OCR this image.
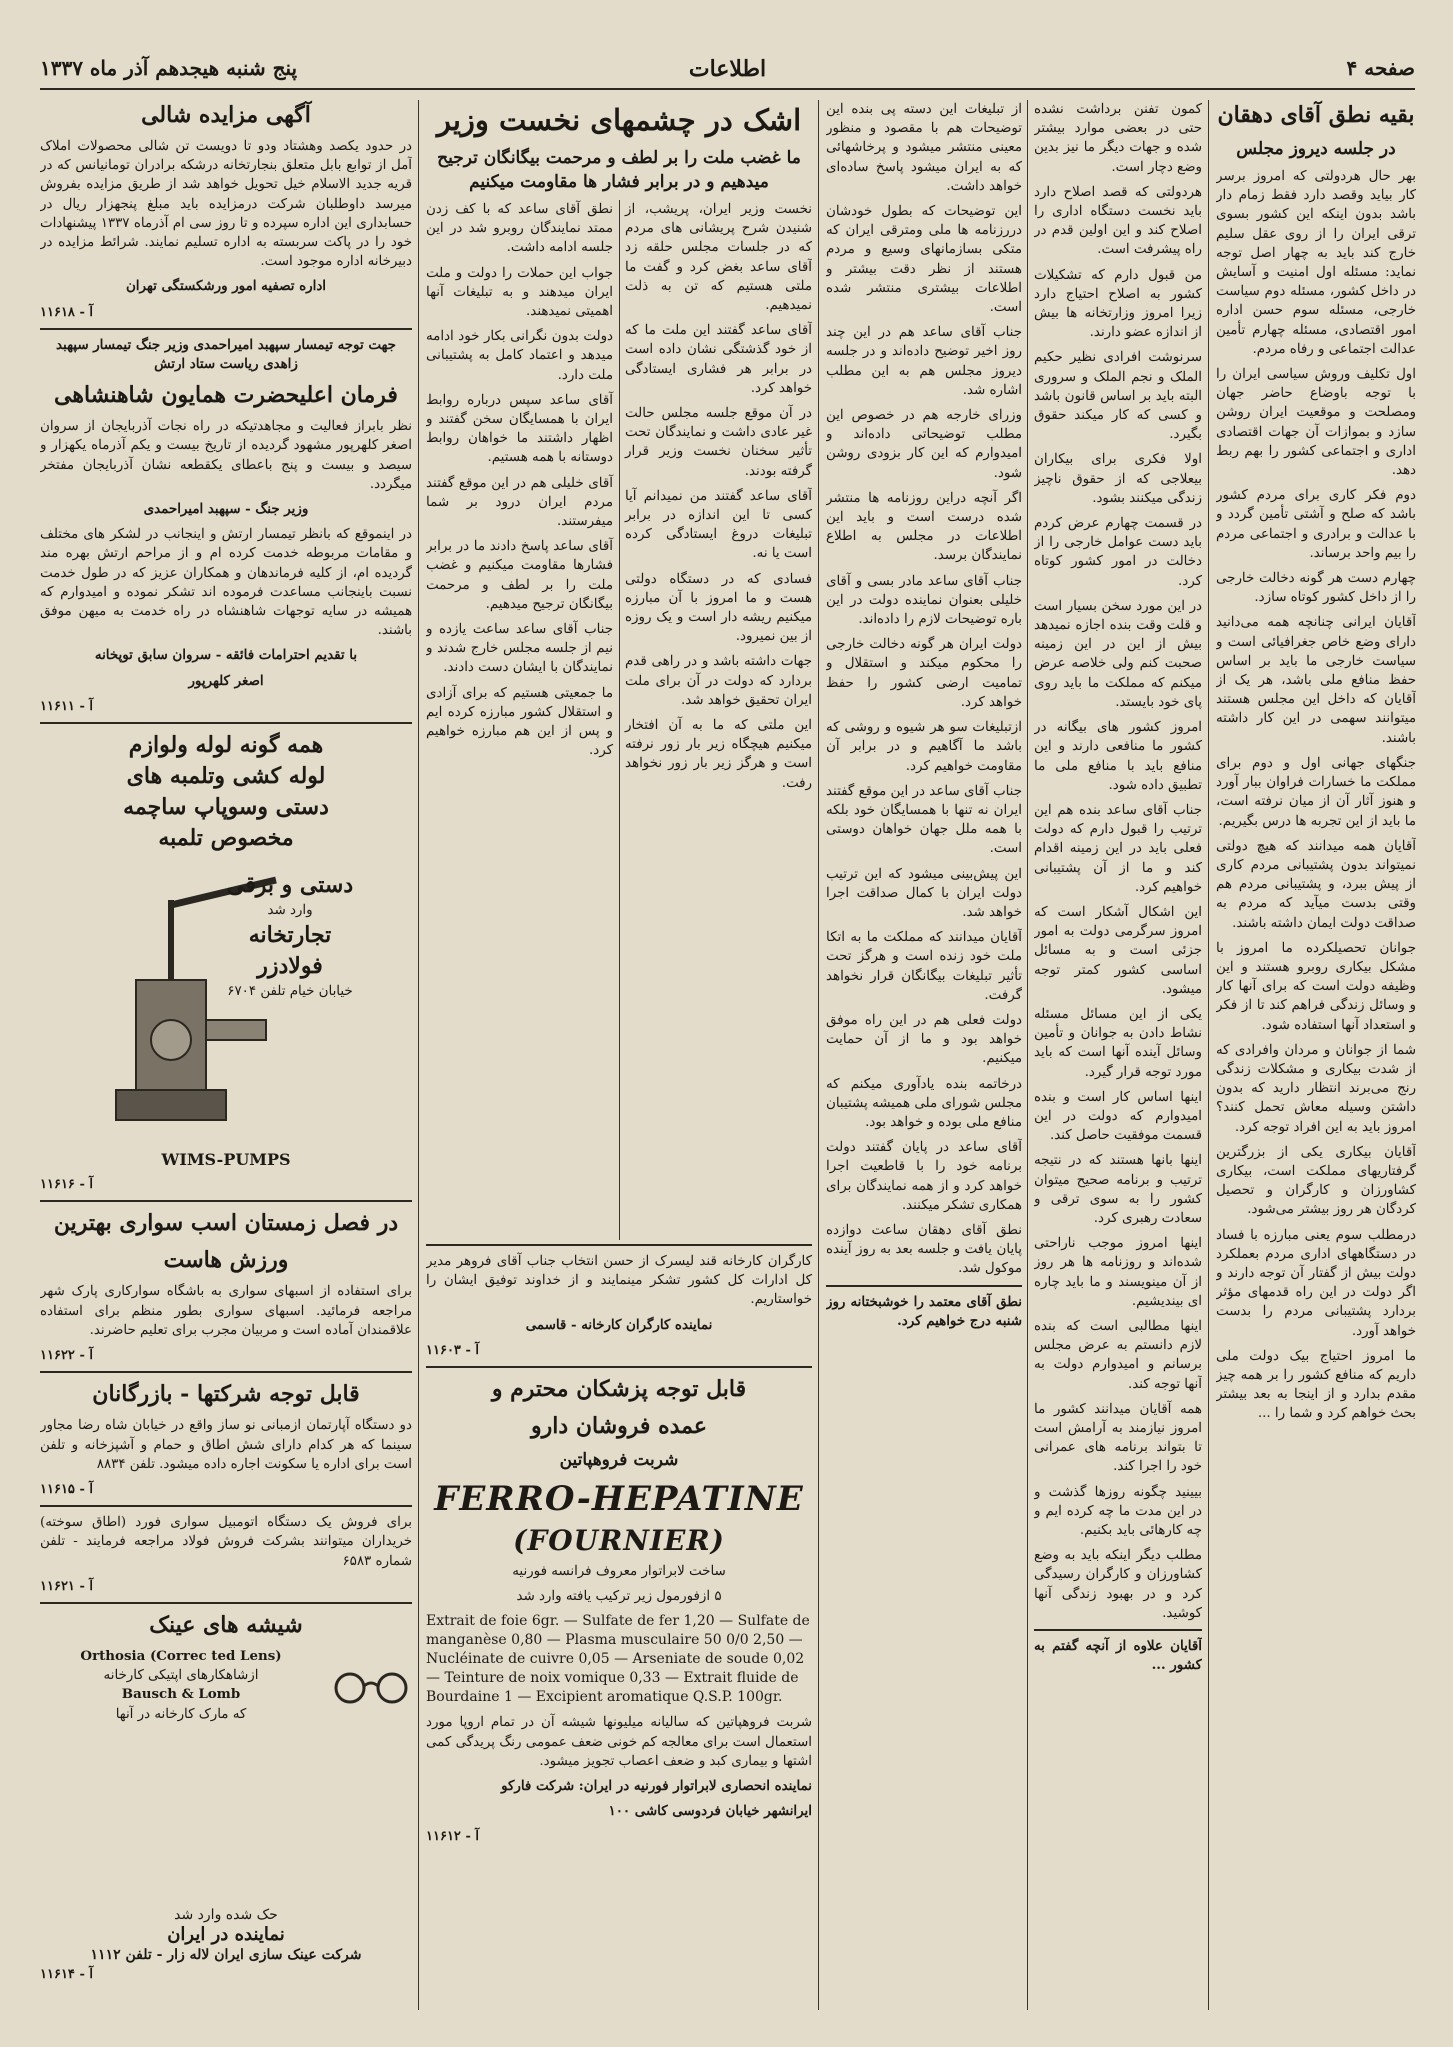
صفحه ۴
اطلاعات
پنج شنبه هیجدهم آذر ماه ۱۳۳۷
بقیه نطق آقای دهقان
در جلسه دیروز مجلس

بهر حال هردولتی که امروز برسر کار بیاید وقصد دارد فقط زمام دار باشد بدون اینکه این کشور بسوی ترقی ایران را از روی عقل سلیم خارج کند باید به چهار اصل توجه نماید: مسئله اول امنیت و آسایش در داخل کشور، مسئله دوم سیاست خارجی، مسئله سوم حسن اداره امور اقتصادی، مسئله چهارم تأمین عدالت اجتماعی و رفاه مردم.

اول تکلیف وروش سیاسی ایران را با توجه باوضاع حاضر جهان ومصلحت و موقعیت ایران روشن سازد و بموازات آن جهات اقتصادی اداری و اجتماعی کشور را بهم ربط دهد.

دوم فکر کاری برای مردم کشور باشد که صلح و آشتی تأمین گردد و با عدالت و برادری و اجتماعی مردم را بیم واحد برساند.

چهارم دست هر گونه دخالت خارجی را از داخل کشور کوتاه سازد.

آقایان ایرانی چنانچه همه می‌دانید دارای وضع خاص جغرافیائی است و سیاست خارجی ما باید بر اساس حفظ منافع ملی باشد، هر یک از آقایان که داخل این مجلس هستند میتوانند سهمی در این کار داشته باشند.

جنگهای جهانی اول و دوم برای مملکت ما خسارات فراوان ببار آورد و هنوز آثار آن از میان نرفته است، ما باید از این تجربه ها درس بگیریم.

آقایان همه میدانند که هیچ دولتی نمیتواند بدون پشتیبانی مردم کاری از پیش ببرد، و پشتیبانی مردم هم وقتی بدست میآید که مردم به صداقت دولت ایمان داشته باشند.

جوانان تحصیلکرده ما امروز با مشکل بیکاری روبرو هستند و این وظیفه دولت است که برای آنها کار و وسائل زندگی فراهم کند تا از فکر و استعداد آنها استفاده شود.

شما از جوانان و مردان وافرادی که از شدت بیکاری و مشکلات زندگی رنج می‌برند انتظار دارید که بدون داشتن وسیله معاش تحمل کنند؟ امروز باید به این افراد توجه کرد.

آقایان بیکاری یکی از بزرگترین گرفتاریهای مملکت است، بیکاری کشاورزان و کارگران و تحصیل کردگان هر روز بیشتر می‌شود.

درمطلب سوم یعنی مبارزه با فساد در دستگاههای اداری مردم بعملکرد دولت بیش از گفتار آن توجه دارند و اگر دولت در این راه قدمهای مؤثر بردارد پشتیبانی مردم را بدست خواهد آورد.

ما امروز احتیاج بیک دولت ملی داریم که منافع کشور را بر همه چیز مقدم بدارد و از اینجا به بعد بیشتر بحث خواهم کرد و شما را ...

کمون تفنن برداشت نشده حتی در بعضی موارد بیشتر شده و جهات دیگر ما نیز بدین وضع دچار است.

هردولتی که قصد اصلاح دارد باید نخست دستگاه اداری را اصلاح کند و این اولین قدم در راه پیشرفت است.

من قبول دارم که تشکیلات کشور به اصلاح احتیاج دارد زیرا امروز وزارتخانه ها بیش از اندازه عضو دارند.

سرنوشت افرادی نظیر حکیم الملک و نجم الملک و سروری البته باید بر اساس قانون باشد و کسی که کار میکند حقوق بگیرد.

اولا فکری برای بیکاران بیعلاجی که از حقوق ناچیز زندگی میکنند بشود.

در قسمت چهارم عرض کردم باید دست عوامل خارجی را از دخالت در امور کشور کوتاه کرد.

در این مورد سخن بسیار است و قلت وقت بنده اجازه نمیدهد بیش از این در این زمینه صحبت کنم ولی خلاصه عرض میکنم که مملکت ما باید روی پای خود بایستد.

امروز کشور های بیگانه در کشور ما منافعی دارند و این منافع باید با منافع ملی ما تطبیق داده شود.

جناب آقای ساعد بنده هم این ترتیب را قبول دارم که دولت فعلی باید در این زمینه اقدام کند و ما از آن پشتیبانی خواهیم کرد.

این اشکال آشکار است که امروز سرگرمی دولت به امور جزئی است و به مسائل اساسی کشور کمتر توجه میشود.

یکی از این مسائل مسئله نشاط دادن به جوانان و تأمین وسائل آینده آنها است که باید مورد توجه قرار گیرد.

اینها اساس کار است و بنده امیدوارم که دولت در این قسمت موفقیت حاصل کند.

اینها بانها هستند که در نتیجه ترتیب و برنامه صحیح میتوان کشور را به سوی ترقی و سعادت رهبری کرد.

اینها امروز موجب ناراحتی شده‌اند و روزنامه ها هر روز از آن مینویسند و ما باید چاره ای بیندیشیم.

اینها مطالبی است که بنده لازم دانستم به عرض مجلس برسانم و امیدوارم دولت به آنها توجه کند.

همه آقایان میدانند کشور ما امروز نیازمند به آرامش است تا بتواند برنامه های عمرانی خود را اجرا کند.

بیینید چگونه روزها گذشت و در این مدت ما چه کرده ایم و چه کارهائی باید بکنیم.

مطلب دیگر اینکه باید به وضع کشاورزان و کارگران رسیدگی کرد و در بهبود زندگی آنها کوشید.

آقایان علاوه از آنچه گفتم به کشور ...

از تبلیغات این دسته پی بنده این توضیحات هم با مقصود و منظور معینی منتشر میشود و پرخاشهائی که به ایران میشود پاسخ ساده‌ای خواهد داشت.

این توضیحات که بطول خودشان دررزنامه ها ملی ومترقی ایران که متکی بسازمانهای وسیع و مردم هستند از نظر دقت بیشتر و اطلاعات بیشتری منتشر شده است.

جناب آقای ساعد هم در این چند روز اخیر توضیح داده‌اند و در جلسه دیروز مجلس هم به این مطلب اشاره شد.

وزرای خارجه هم در خصوص این مطلب توضیحاتی داده‌اند و امیدوارم که این کار بزودی روشن شود.

اگر آنچه دراین روزنامه ها منتشر شده درست است و باید این اطلاعات در مجلس به اطلاع نمایندگان برسد.

جناب آقای ساعد مادر بسی و آقای خلیلی بعنوان نماینده دولت در این باره توضیحات لازم را داده‌اند.

دولت ایران هر گونه دخالت خارجی را محکوم میکند و استقلال و تمامیت ارضی کشور را حفظ خواهد کرد.

ازتبلیغات سو هر شیوه و روشی که باشد ما آگاهیم و در برابر آن مقاومت خواهیم کرد.

جناب آقای ساعد در این موقع گفتند ایران نه تنها با همسایگان خود بلکه با همه ملل جهان خواهان دوستی است.

این پیش‌بینی میشود که این ترتیب دولت ایران با کمال صداقت اجرا خواهد شد.

آقایان میدانند که مملکت ما به اتکا ملت خود زنده است و هرگز تحت تأثیر تبلیغات بیگانگان قرار نخواهد گرفت.

دولت فعلی هم در این راه موفق خواهد بود و ما از آن حمایت میکنیم.

درخاتمه بنده یادآوری میکنم که مجلس شورای ملی همیشه پشتیبان منافع ملی بوده و خواهد بود.

آقای ساعد در پایان گفتند دولت برنامه خود را با قاطعیت اجرا خواهد کرد و از همه نمایندگان برای همکاری تشکر میکنند.

نطق آقای دهقان ساعت دوازده پایان یافت و جلسه بعد به روز آینده موکول شد.

نطق آقای معتمد را خوشبختانه روز شنبه درج خواهیم کرد.

اشک در چشمهای نخست وزیر
ما غضب ملت را بر لطف و مرحمت بیگانگان ترجیح میدهیم و در برابر فشار ها مقاومت میکنیم

نخست وزیر ایران، پریشب، از شنیدن شرح پریشانی های مردم که در جلسات مجلس حلقه زد آقای ساعد بغض کرد و گفت ما ملتی هستیم که تن به ذلت نمیدهیم.

آقای ساعد گفتند این ملت ما که از خود گذشتگی نشان داده است در برابر هر فشاری ایستادگی خواهد کرد.

در آن موقع جلسه مجلس حالت غیر عادی داشت و نمایندگان تحت تأثیر سخنان نخست وزیر قرار گرفته بودند.

آقای ساعد گفتند من نمیدانم آیا کسی تا این اندازه در برابر تبلیغات دروغ ایستادگی کرده است یا نه.

فسادی که در دستگاه دولتی هست و ما امروز با آن مبارزه میکنیم ریشه دار است و یک روزه از بین نمیرود.

جهات داشته باشد و در راهی قدم بردارد که دولت در آن برای ملت ایران تحقیق خواهد شد.

این ملتی که ما به آن افتخار میکنیم هیچگاه زیر بار زور نرفته است و هرگز زیر بار زور نخواهد رفت.

نطق آقای ساعد که با کف زدن ممتد نمایندگان روبرو شد در این جلسه ادامه داشت.

جواب این حملات را دولت و ملت ایران میدهند و به تبلیغات آنها اهمیتی نمیدهند.

دولت بدون نگرانی بکار خود ادامه میدهد و اعتماد کامل به پشتیبانی ملت دارد.

آقای ساعد سپس درباره روابط ایران با همسایگان سخن گفتند و اظهار داشتند ما خواهان روابط دوستانه با همه هستیم.

آقای خلیلی هم در این موقع گفتند مردم ایران درود بر شما میفرستند.

آقای ساعد پاسخ دادند ما در برابر فشارها مقاومت میکنیم و غضب ملت را بر لطف و مرحمت بیگانگان ترجیح میدهیم.

جناب آقای ساعد ساعت یازده و نیم از جلسه مجلس خارج شدند و نمایندگان با ایشان دست دادند.

ما جمعیتی هستیم که برای آزادی و استقلال کشور مبارزه کرده ایم و پس از این هم مبارزه خواهیم کرد.

کارگران کارخانه قند لیسرک از حسن انتخاب جناب آقای فروهر مدیر کل ادارات کل کشور تشکر مینمایند و از خداوند توفیق ایشان را خواستاریم.

نماینده کارگران کارخانه - قاسمی

آ - ۱۱۶۰۳

قابل توجه پزشکان محترم و
عمده فروشان دارو
شربت فروهپاتین
FERRO-HEPATINE
(FOURNIER)

ساخت لابراتوار معروف فرانسه فورنیه

۵ ازفورمول زیر ترکیب یافته وارد شد

Extrait de foie 6gr. — Sulfate de fer 1,20 — Sulfate de manganèse 0,80 — Plasma musculaire 50 0/0 2,50 — Nucléinate de cuivre 0,05 — Arseniate de soude 0,02 — Teinture de noix vomique 0,33 — Extrait fluide de Bourdaine 1 — Excipient aromatique Q.S.P. 100gr.

شربت فروهپاتین که سالیانه میلیونها شیشه آن در تمام اروپا مورد استعمال است برای معالجه کم خونی ضعف عمومی رنگ پریدگی کمی اشتها و بیماری کبد و ضعف اعصاب تجویز میشود.

نماینده انحصاری لابراتوار فورنیه در ایران: شرکت فارکو

ایرانشهر خیابان فردوسی کاشی ۱۰۰

آ - ۱۱۶۱۲

آگهی مزایده شالی

در حدود یکصد وهشتاد ودو تا دویست تن شالی محصولات املاک آمل از توابع بابل متعلق بنجارتخانه درشکه برادران تومانیانس که در قریه جدید الاسلام خیل تحویل خواهد شد از طریق مزایده بفروش میرسد داوطلبان شرکت درمزایده باید مبلغ پنجهزار ریال در حسابداری این اداره سپرده و تا روز سی ام آذرماه ۱۳۳۷ پیشنهادات خود را در پاکت سربسته به اداره تسلیم نمایند. شرائط مزایده در دبیرخانه اداره موجود است.

اداره تصفیه امور ورشکستگی تهران

آ - ۱۱۶۱۸

جهت توجه تیمسار سپهبد امیراحمدی وزیر جنگ تیمسار سپهبد زاهدی ریاست ستاد ارتش

فرمان اعلیحضرت همایون شاهنشاهی

نظر بابراز فعالیت و مجاهدتیکه در راه نجات آذربایجان از سروان اصغر کلهرپور مشهود گردیده از تاریخ بیست و یکم آذرماه یکهزار و سیصد و بیست و پنج باعطای یکقطعه نشان آذربایجان مفتخر میگردد.

وزیر جنگ - سپهبد امیراحمدی

در اینموقع که بانظر تیمسار ارتش و اینجانب در لشکر های مختلف و مقامات مربوطه خدمت کرده ام و از مراحم ارتش بهره مند گردیده ام، از کلیه فرماندهان و همکاران عزیز که در طول خدمت نسبت باینجانب مساعدت فرموده اند تشکر نموده و امیدوارم که همیشه در سایه توجهات شاهنشاه در راه خدمت به میهن موفق باشند.

با تقدیم احترامات فائقه - سروان سابق توپخانه

اصغر کلهرپور

آ - ۱۱۶۱۱

همه گونه لوله ولوازم
لوله کشی وتلمبه های
دستی وسوپاپ ساچمه
مخصوص تلمبه
دستی و برقی
وارد شد
تجارتخانه
فولادزر
خیابان خیام تلفن ۶۷۰۴

WIMS-PUMPS

آ - ۱۱۶۱۶

در فصل زمستان اسب سواری بهترین
ورزش هاست

برای استفاده از اسبهای سواری به باشگاه سوارکاری پارک شهر مراجعه فرمائید. اسبهای سواری بطور منظم برای استفاده علاقمندان آماده است و مربیان مجرب برای تعلیم حاضرند.

آ - ۱۱۶۲۲

قابل توجه شرکتها - بازرگانان

دو دستگاه آپارتمان ازمبانی نو ساز واقع در خیابان شاه رضا مجاور سینما که هر کدام دارای شش اطاق و حمام و آشپزخانه و تلفن است برای اداره یا سکونت اجاره داده میشود. تلفن ۸۸۳۴

آ - ۱۱۶۱۵

برای فروش یک دستگاه اتومبیل سواری فورد (اطاق سوخته) خریداران میتوانند بشرکت فروش فولاد مراجعه فرمایند - تلفن شماره ۶۵۸۳

آ - ۱۱۶۲۱

شیشه های عینک
Orthosia (Correc ted Lens)
ازشاهکارهای اپتیکی کارخانه
Bausch & Lomb
که مارک کارخانه در آنها
حک شده وارد شد
نماینده در ایران
شرکت عینک سازی ایران لاله زار - تلفن ۱۱۱۲
آ - ۱۱۶۱۴
